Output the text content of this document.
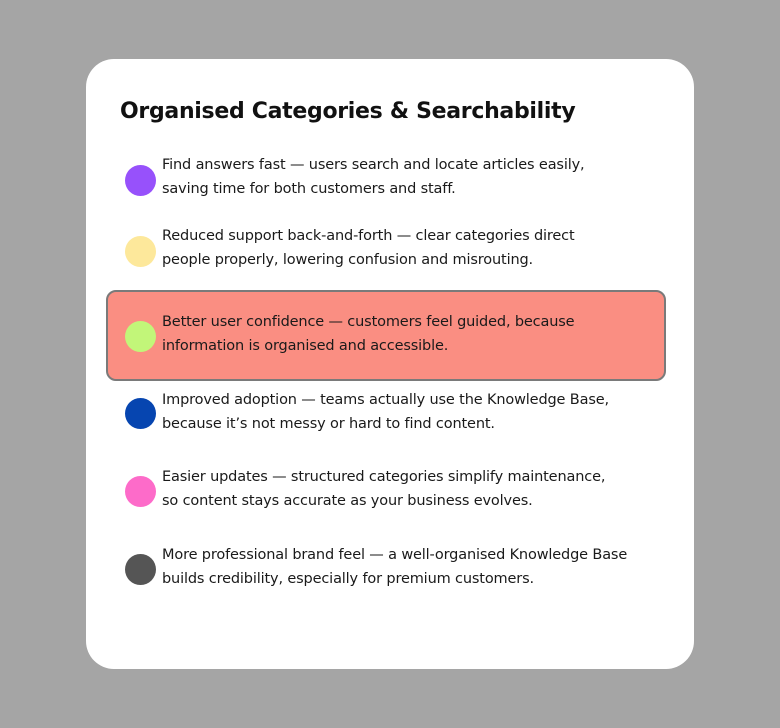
Organised Categories & Searchability
Find answers fast — users search and locate articles easily,
saving time for both customers and staff.
Reduced support back-and-forth — clear categories direct
people properly, lowering confusion and misrouting.
Better user confidence — customers feel guided, because
information is organised and accessible.
Improved adoption — teams actually use the Knowledge Base,
because it’s not messy or hard to find content.
Easier updates — structured categories simplify maintenance,
so content stays accurate as your business evolves.
More professional brand feel — a well-organised Knowledge Base
builds credibility, especially for premium customers.
